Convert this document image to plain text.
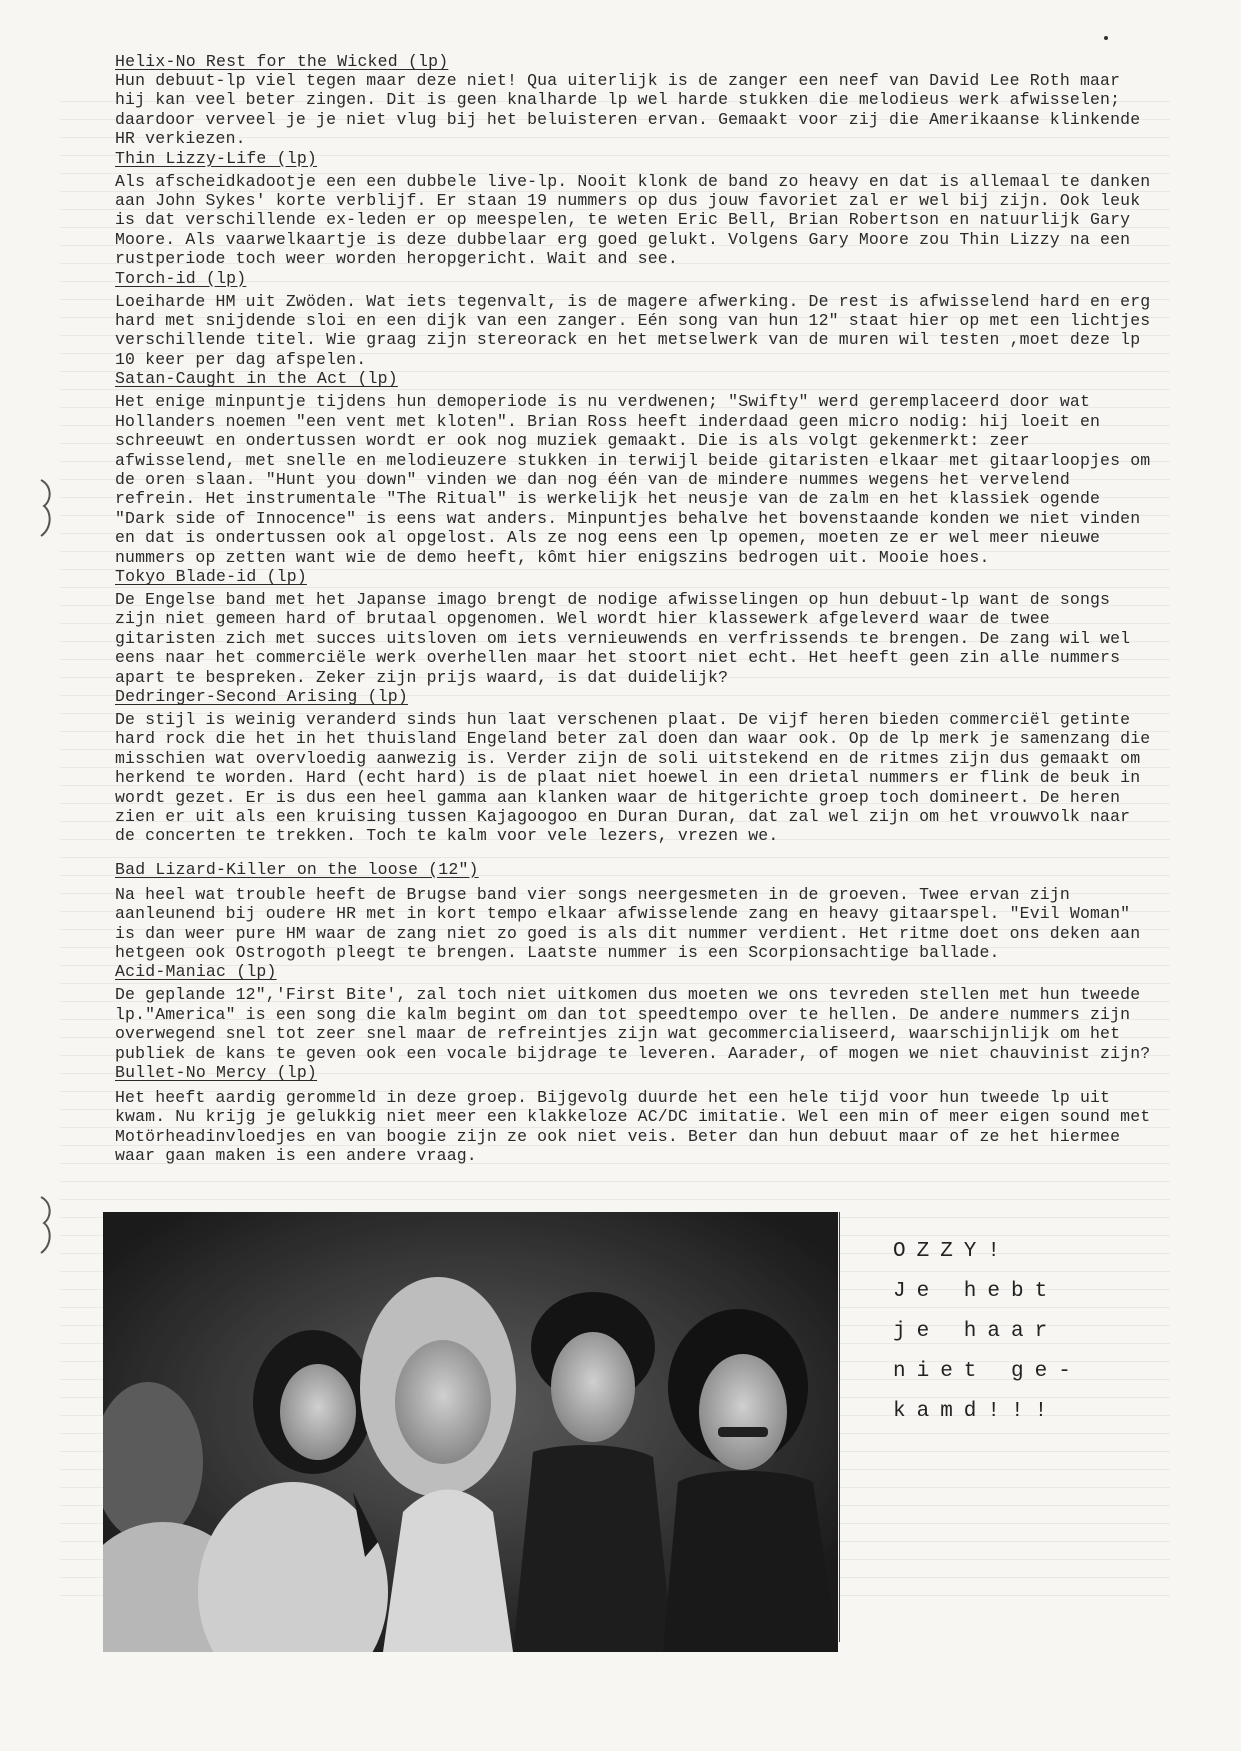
Helix-No Rest for the Wicked (lp)

Hun debuut-lp viel tegen maar deze niet! Qua uiterlijk is de zanger een neef van David Lee Roth maar hij kan veel beter zingen. Dit is geen knalharde lp wel harde stukken die melodieus werk afwisselen; daardoor verveel je je niet vlug bij het beluisteren ervan. Gemaakt voor zij die Amerikaanse klinkende HR verkiezen.

Thin Lizzy-Life (lp)

Als afscheidkadootje een een dubbele live-lp. Nooit klonk de band zo heavy en dat is allemaal te danken aan John Sykes' korte verblijf. Er staan 19 nummers op dus jouw favoriet zal er wel bij zijn. Ook leuk is dat verschillende ex-leden er op meespelen, te weten Eric Bell, Brian Robertson en natuurlijk Gary Moore. Als vaarwelkaartje is deze dubbelaar erg goed gelukt. Volgens Gary Moore zou Thin Lizzy na een rustperiode toch weer worden heropgericht. Wait and see.

Torch-id (lp)

Loeiharde HM uit Zwöden. Wat iets tegenvalt, is de magere afwerking. De rest is afwisselend hard en erg hard met snijdende sloi en een dijk van een zanger. Eén song van hun 12" staat hier op met een lichtjes verschillende titel. Wie graag zijn stereorack en het metselwerk van de muren wil testen ,moet deze lp 10 keer per dag afspelen.

Satan-Caught in the Act (lp)

Het enige minpuntje tijdens hun demoperiode is nu verdwenen; "Swifty" werd geremplaceerd door wat Hollanders noemen "een vent met kloten". Brian Ross heeft inderdaad geen micro nodig: hij loeit en schreeuwt en ondertussen wordt er ook nog muziek gemaakt. Die is als volgt gekenmerkt: zeer afwisselend, met snelle en melodieuzere stukken in terwijl beide gitaristen elkaar met gitaarloopjes om de oren slaan. "Hunt you down" vinden we dan nog één van de mindere nummes wegens het vervelend refrein. Het instrumentale "The Ritual" is werkelijk het neusje van de zalm en het klassiek ogende "Dark side of Innocence" is eens wat anders. Minpuntjes behalve het bovenstaande konden we niet vinden en dat is ondertussen ook al opgelost. Als ze nog eens een lp opemen, moeten ze er wel meer nieuwe nummers op zetten want wie de demo heeft, kômt hier enigszins bedrogen uit. Mooie hoes.

Tokyo Blade-id (lp)

De Engelse band met het Japanse imago brengt de nodige afwisselingen op hun debuut-lp want de songs zijn niet gemeen hard of brutaal opgenomen. Wel wordt hier klassewerk afgeleverd waar de twee gitaristen zich met succes uitsloven om iets vernieuwends en verfrissends te brengen. De zang wil wel eens naar het commerciële werk overhellen maar het stoort niet echt. Het heeft geen zin alle nummers apart te bespreken. Zeker zijn prijs waard, is dat duidelijk?

Dedringer-Second Arising (lp)

De stijl is weinig veranderd sinds hun laat verschenen plaat. De vijf heren bieden commerciël getinte hard rock die het in het thuisland Engeland beter zal doen dan waar ook. Op de lp merk je samenzang die misschien wat overvloedig aanwezig is. Verder zijn de soli uitstekend en de ritmes zijn dus gemaakt om herkend te worden. Hard (echt hard) is de plaat niet hoewel in een drietal nummers er flink de beuk in wordt gezet. Er is dus een heel gamma aan klanken waar de hitgerichte groep toch domineert. De heren zien er uit als een kruising tussen Kajagoogoo en Duran Duran, dat zal wel zijn om het vrouwvolk naar de concerten te trekken. Toch te kalm voor vele lezers, vrezen we.

Bad Lizard-Killer on the loose (12")

Na heel wat trouble heeft de Brugse band vier songs neergesmeten in de groeven. Twee ervan zijn aanleunend bij oudere HR met in kort tempo elkaar afwisselende zang en heavy gitaarspel. "Evil Woman" is dan weer pure HM waar de zang niet zo goed is als dit nummer verdient. Het ritme doet ons deken aan hetgeen ook Ostrogoth pleegt te brengen. Laatste nummer is een Scorpionsachtige ballade.

Acid-Maniac (lp)

De geplande 12",'First Bite', zal toch niet uitkomen dus moeten we ons tevreden stellen met hun tweede lp."America" is een song die kalm begint om dan tot speedtempo over te hellen. De andere nummers zijn overwegend snel tot zeer snel maar de refreintjes zijn wat gecommercialiseerd, waarschijnlijk om het publiek de kans te geven ook een vocale bijdrage te leveren. Aarader, of mogen we niet chauvinist zijn?

Bullet-No Mercy (lp)

Het heeft aardig gerommeld in deze groep. Bijgevolg duurde het een hele tijd voor hun tweede lp uit kwam. Nu krijg je gelukkig niet meer een klakkeloze AC/DC imitatie. Wel een min of meer eigen sound met Motörheadinvloedjes en van boogie zijn ze ook niet veis. Beter dan hun debuut maar of ze het hiermee waar gaan maken is een andere vraag.

OZZY!
Je hebt
je haar
niet ge-
kamd!!!
